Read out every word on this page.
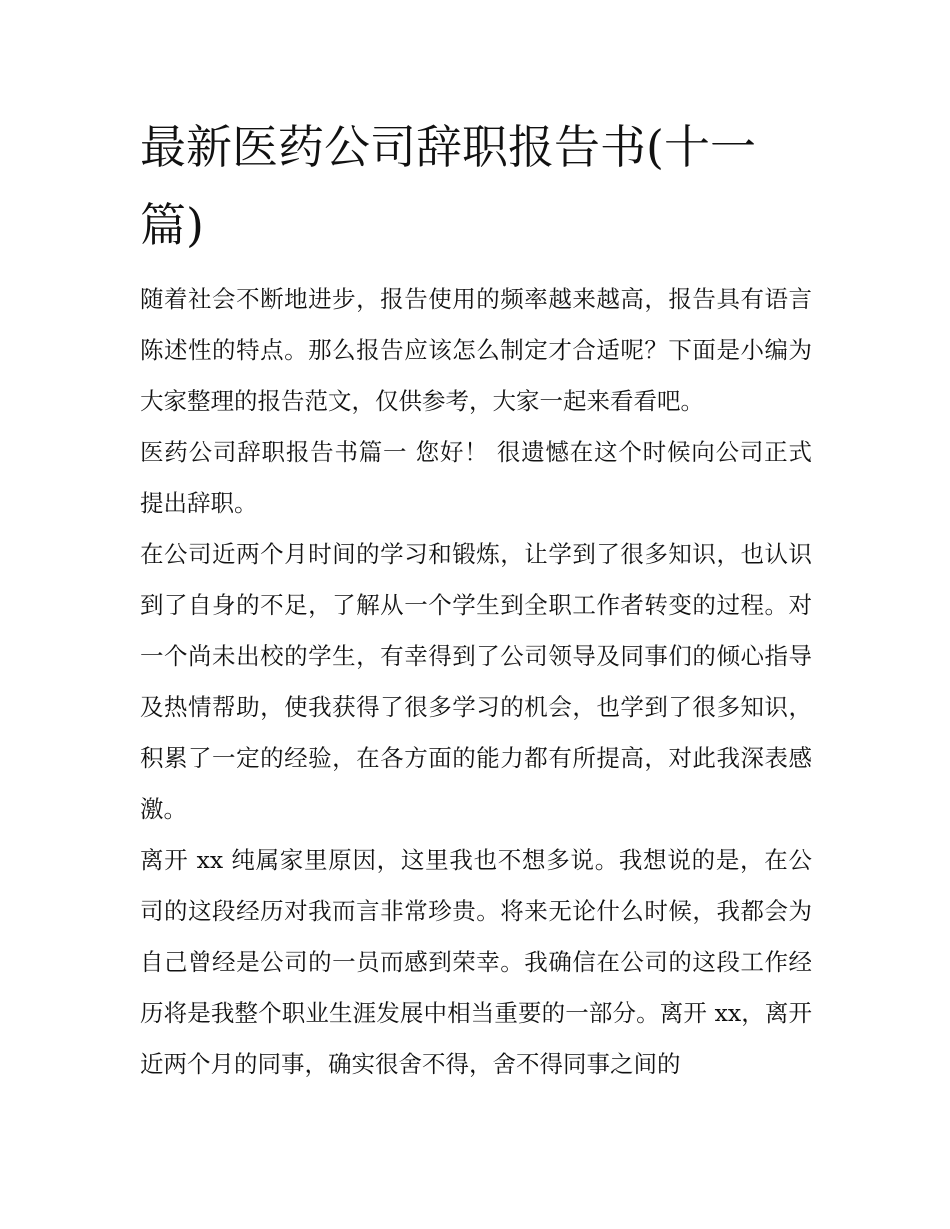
最新医药公司辞职报告书(十一篇)

随着社会不断地进步，报告使用的频率越来越高，报告具有语言陈述性的特点。那么报告应该怎么制定才合适呢？下面是小编为大家整理的报告范文，仅供参考，大家一起来看看吧。

医药公司辞职报告书篇一 您好！ 很遗憾在这个时候向公司正式提出辞职。

在公司近两个月时间的学习和锻炼，让学到了很多知识，也认识到了自身的不足，了解从一个学生到全职工作者转变的过程。对一个尚未出校的学生，有幸得到了公司领导及同事们的倾心指导及热情帮助，使我获得了很多学习的机会，也学到了很多知识，积累了一定的经验，在各方面的能力都有所提高，对此我深表感激。

离开 xx 纯属家里原因，这里我也不想多说。我想说的是，在公司的这段经历对我而言非常珍贵。将来无论什么时候，我都会为自己曾经是公司的一员而感到荣幸。我确信在公司的这段工作经历将是我整个职业生涯发展中相当重要的一部分。离开 xx，离开近两个月的同事，确实很舍不得，舍不得同事之间的
